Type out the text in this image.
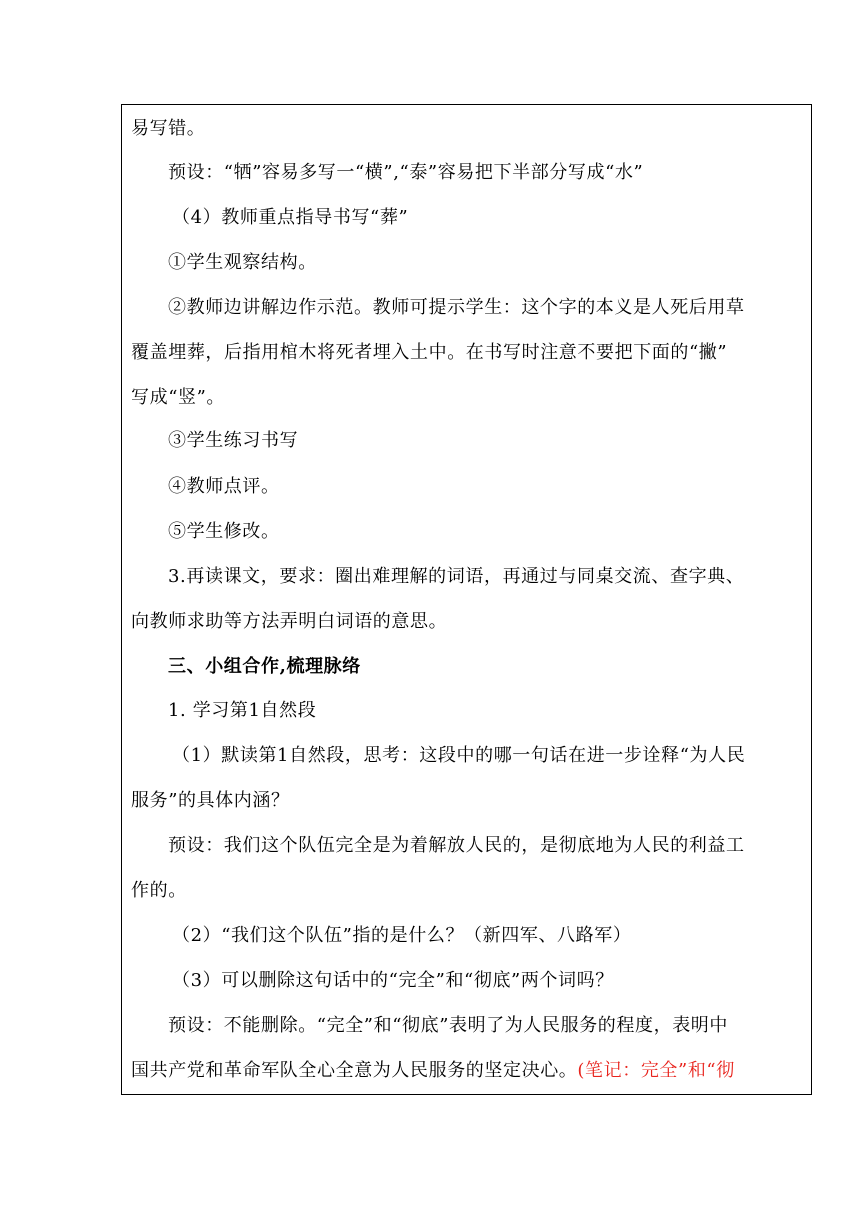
易写错。
预设：“牺”容易多写一“横”,“泰”容易把下半部分写成“水”
（4）教师重点指导书写“葬”
①学生观察结构。
②教师边讲解边作示范。教师可提示学生：这个字的本义是人死后用草
覆盖埋葬，后指用棺木将死者埋入土中。在书写时注意不要把下面的“撇”
写成“竖”。
③学生练习书写
④教师点评。
⑤学生修改。
3.再读课文，要求：圈出难理解的词语，再通过与同桌交流、查字典、
向教师求助等方法弄明白词语的意思。
三、小组合作,梳理脉络
1. 学习第1自然段
（1）默读第1自然段，思考：这段中的哪一句话在进一步诠释“为人民
服务”的具体内涵？
预设：我们这个队伍完全是为着解放人民的，是彻底地为人民的利益工
作的。
（2）“我们这个队伍”指的是什么？（新四军、八路军）
（3）可以删除这句话中的“完全”和“彻底”两个词吗？
预设：不能删除。“完全”和“彻底”表明了为人民服务的程度，表明中
国共产党和革命军队全心全意为人民服务的坚定决心。(笔记：完全”和“彻
